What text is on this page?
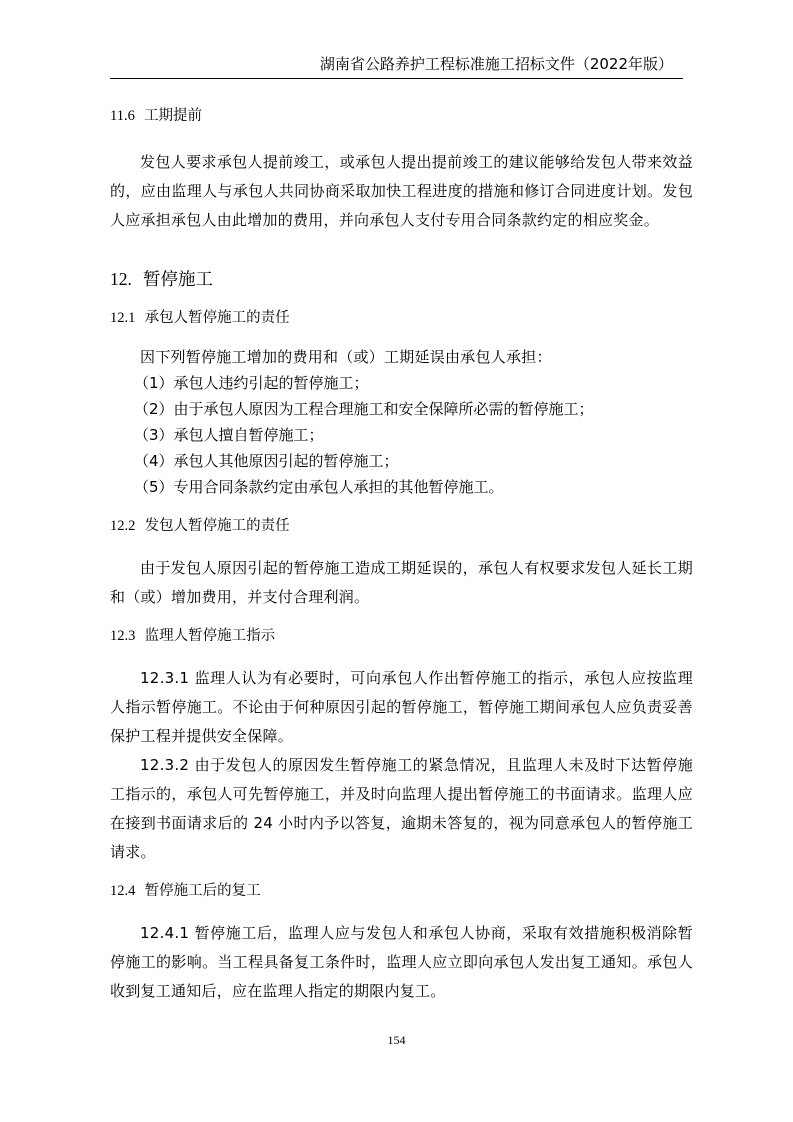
湖南省公路养护工程标准施工招标文件（2022年版）
11.6 工期提前

发包人要求承包人提前竣工，或承包人提出提前竣工的建议能够给发包人带来效益的，应由监理人与承包人共同协商采取加快工程进度的措施和修订合同进度计划。发包人应承担承包人由此增加的费用，并向承包人支付专用合同条款约定的相应奖金。

12. 暂停施工
12.1 承包人暂停施工的责任

因下列暂停施工增加的费用和（或）工期延误由承包人承担：

（1）承包人违约引起的暂停施工；

（2）由于承包人原因为工程合理施工和安全保障所必需的暂停施工；

（3）承包人擅自暂停施工；

（4）承包人其他原因引起的暂停施工；

（5）专用合同条款约定由承包人承担的其他暂停施工。

12.2 发包人暂停施工的责任

由于发包人原因引起的暂停施工造成工期延误的，承包人有权要求发包人延长工期和（或）增加费用，并支付合理利润。

12.3 监理人暂停施工指示

12.3.1 监理人认为有必要时，可向承包人作出暂停施工的指示，承包人应按监理人指示暂停施工。不论由于何种原因引起的暂停施工，暂停施工期间承包人应负责妥善保护工程并提供安全保障。

12.3.2 由于发包人的原因发生暂停施工的紧急情况，且监理人未及时下达暂停施工指示的，承包人可先暂停施工，并及时向监理人提出暂停施工的书面请求。监理人应在接到书面请求后的 24 小时内予以答复，逾期未答复的，视为同意承包人的暂停施工请求。

12.4 暂停施工后的复工

12.4.1 暂停施工后，监理人应与发包人和承包人协商，采取有效措施积极消除暂停施工的影响。当工程具备复工条件时，监理人应立即向承包人发出复工通知。承包人收到复工通知后，应在监理人指定的期限内复工。

154
